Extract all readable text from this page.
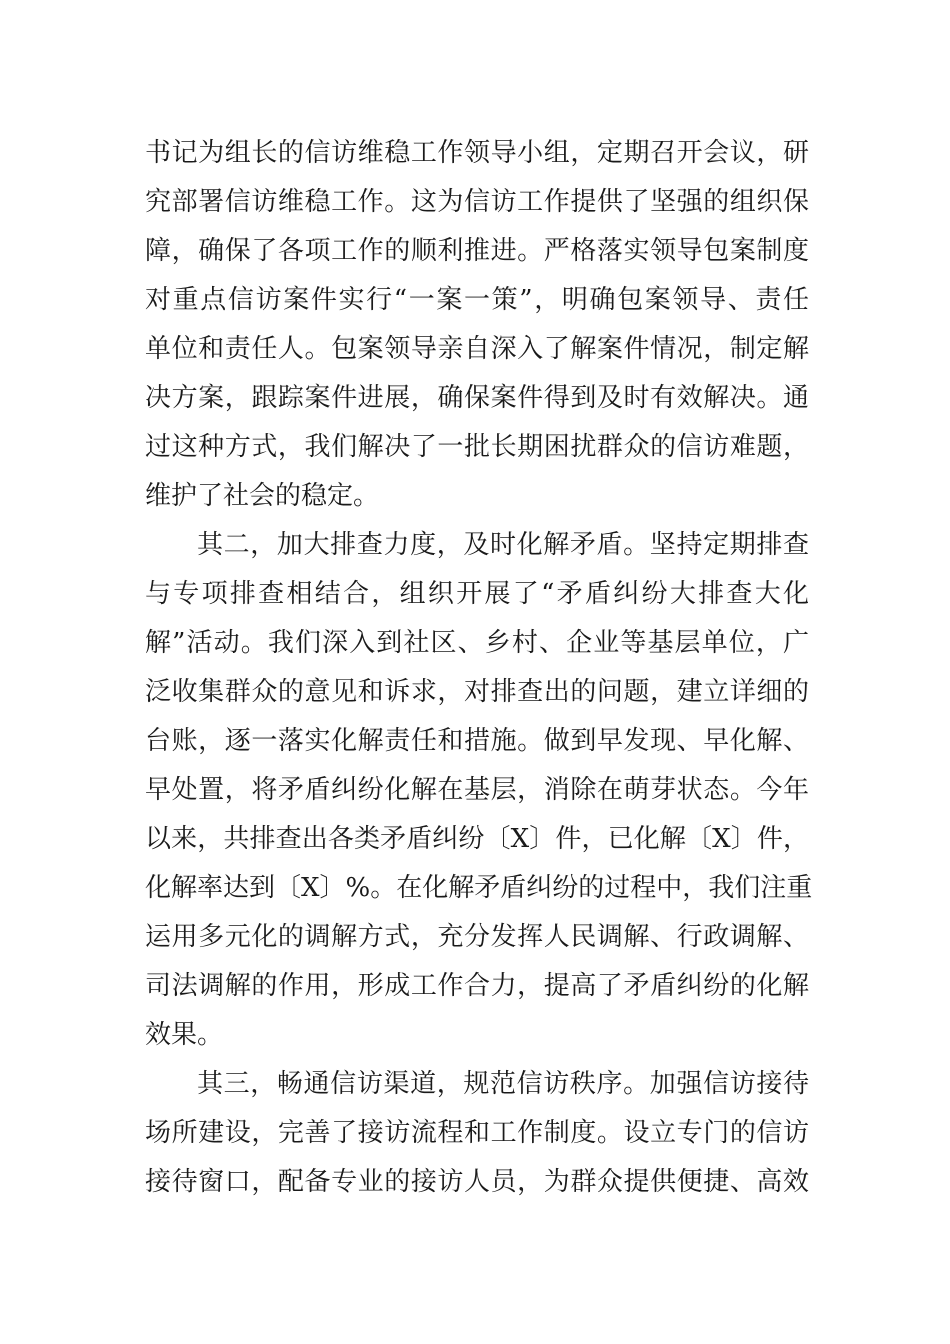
书记为组长的信访维稳工作领导小组，定期召开会议，研
究部署信访维稳工作。这为信访工作提供了坚强的组织保
障，确保了各项工作的顺利推进。严格落实领导包案制度
对重点信访案件实行“一案一策”，明确包案领导、责任
单位和责任人。包案领导亲自深入了解案件情况，制定解
决方案，跟踪案件进展，确保案件得到及时有效解决。通
过这种方式，我们解决了一批长期困扰群众的信访难题，
维护了社会的稳定。
其二，加大排查力度，及时化解矛盾。坚持定期排查
与专项排查相结合，组织开展了“矛盾纠纷大排查大化
解”活动。我们深入到社区、乡村、企业等基层单位，广
泛收集群众的意见和诉求，对排查出的问题，建立详细的
台账，逐一落实化解责任和措施。做到早发现、早化解、
早处置，将矛盾纠纷化解在基层，消除在萌芽状态。今年
以来，共排查出各类矛盾纠纷〔X〕件，已化解〔X〕件，
化解率达到〔X〕%。在化解矛盾纠纷的过程中，我们注重
运用多元化的调解方式，充分发挥人民调解、行政调解、
司法调解的作用，形成工作合力，提高了矛盾纠纷的化解
效果。
其三，畅通信访渠道，规范信访秩序。加强信访接待
场所建设，完善了接访流程和工作制度。设立专门的信访
接待窗口，配备专业的接访人员，为群众提供便捷、高效
